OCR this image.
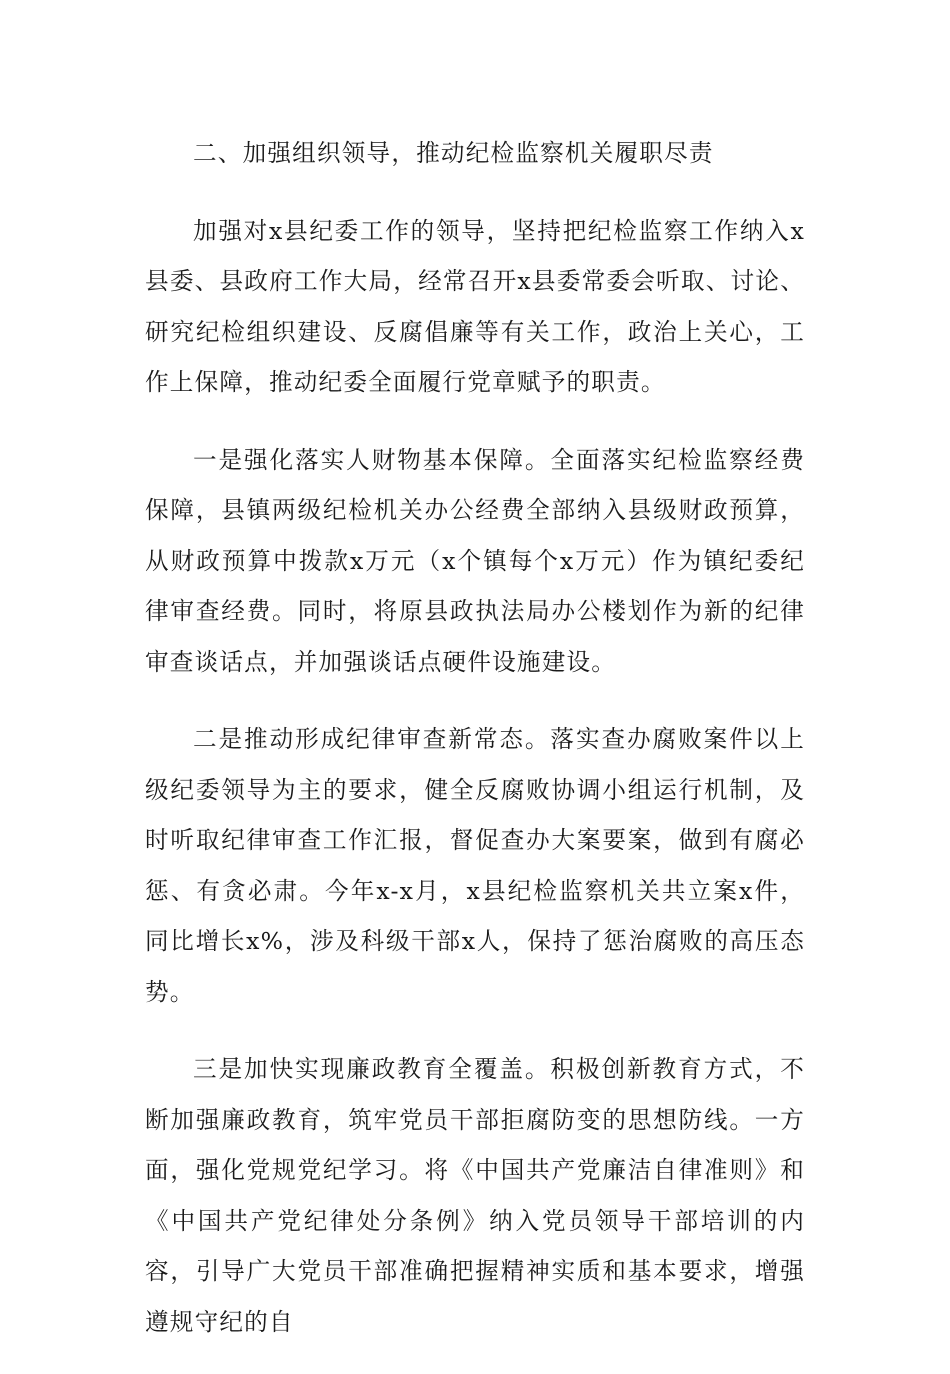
二、加强组织领导，推动纪检监察机关履职尽责

加强对x县纪委工作的领导，坚持把纪检监察工作纳入x县委、县政府工作大局，经常召开x县委常委会听取、讨论、研究纪检组织建设、反腐倡廉等有关工作，政治上关心，工作上保障，推动纪委全面履行党章赋予的职责。

一是强化落实人财物基本保障。全面落实纪检监察经费保障，县镇两级纪检机关办公经费全部纳入县级财政预算，从财政预算中拨款x万元（x个镇每个x万元）作为镇纪委纪律审查经费。同时，将原县政执法局办公楼划作为新的纪律审查谈话点，并加强谈话点硬件设施建设。

二是推动形成纪律审查新常态。落实查办腐败案件以上级纪委领导为主的要求，健全反腐败协调小组运行机制，及时听取纪律审查工作汇报，督促查办大案要案，做到有腐必惩、有贪必肃。今年x-x月，x县纪检监察机关共立案x件，同比增长x%，涉及科级干部x人，保持了惩治腐败的高压态势。

三是加快实现廉政教育全覆盖。积极创新教育方式，不断加强廉政教育，筑牢党员干部拒腐防变的思想防线。一方面，强化党规党纪学习。将《中国共产党廉洁自律准则》和《中国共产党纪律处分条例》纳入党员领导干部培训的内容，引导广大党员干部准确把握精神实质和基本要求，增强遵规守纪的自
